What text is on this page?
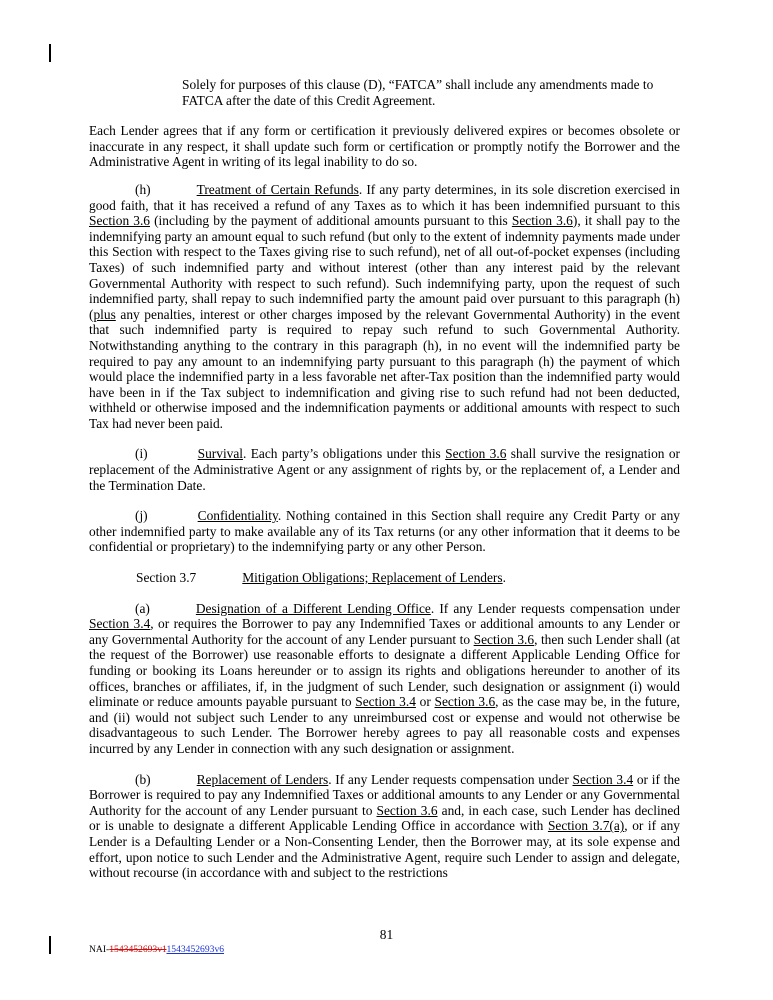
Solely for purposes of this clause (D), “FATCA” shall include any amendments made to FATCA after the date of this Credit Agreement.

Each Lender agrees that if any form or certification it previously delivered expires or becomes obsolete or inaccurate in any respect, it shall update such form or certification or promptly notify the Borrower and the Administrative Agent in writing of its legal inability to do so.

(h)	Treatment of Certain Refunds. If any party determines, in its sole discretion exercised in good faith, that it has received a refund of any Taxes as to which it has been indemnified pursuant to this Section 3.6 (including by the payment of additional amounts pursuant to this Section 3.6), it shall pay to the indemnifying party an amount equal to such refund (but only to the extent of indemnity payments made under this Section with respect to the Taxes giving rise to such refund), net of all out-of-pocket expenses (including Taxes) of such indemnified party and without interest (other than any interest paid by the relevant Governmental Authority with respect to such refund). Such indemnifying party, upon the request of such indemnified party, shall repay to such indemnified party the amount paid over pursuant to this paragraph (h) (plus any penalties, interest or other charges imposed by the relevant Governmental Authority) in the event that such indemnified party is required to repay such refund to such Governmental Authority. Notwithstanding anything to the contrary in this paragraph (h), in no event will the indemnified party be required to pay any amount to an indemnifying party pursuant to this paragraph (h) the payment of which would place the indemnified party in a less favorable net after-Tax position than the indemnified party would have been in if the Tax subject to indemnification and giving rise to such refund had not been deducted, withheld or otherwise imposed and the indemnification payments or additional amounts with respect to such Tax had never been paid.

(i)	Survival. Each party’s obligations under this Section 3.6 shall survive the resignation or replacement of the Administrative Agent or any assignment of rights by, or the replacement of, a Lender and the Termination Date.

(j)	Confidentiality. Nothing contained in this Section shall require any Credit Party or any other indemnified party to make available any of its Tax returns (or any other information that it deems to be confidential or proprietary) to the indemnifying party or any other Person.

Section 3.7	Mitigation Obligations; Replacement of Lenders.

(a)	Designation of a Different Lending Office. If any Lender requests compensation under Section 3.4, or requires the Borrower to pay any Indemnified Taxes or additional amounts to any Lender or any Governmental Authority for the account of any Lender pursuant to Section 3.6, then such Lender shall (at the request of the Borrower) use reasonable efforts to designate a different Applicable Lending Office for funding or booking its Loans hereunder or to assign its rights and obligations hereunder to another of its offices, branches or affiliates, if, in the judgment of such Lender, such designation or assignment (i) would eliminate or reduce amounts payable pursuant to Section 3.4 or Section 3.6, as the case may be, in the future, and (ii) would not subject such Lender to any unreimbursed cost or expense and would not otherwise be disadvantageous to such Lender. The Borrower hereby agrees to pay all reasonable costs and expenses incurred by any Lender in connection with any such designation or assignment.

(b)	Replacement of Lenders. If any Lender requests compensation under Section 3.4 or if the Borrower is required to pay any Indemnified Taxes or additional amounts to any Lender or any Governmental Authority for the account of any Lender pursuant to Section 3.6 and, in each case, such Lender has declined or is unable to designate a different Applicable Lending Office in accordance with Section 3.7(a), or if any Lender is a Defaulting Lender or a Non-Consenting Lender, then the Borrower may, at its sole expense and effort, upon notice to such Lender and the Administrative Agent, require such Lender to assign and delegate, without recourse (in accordance with and subject to the restrictions

81
NAI-1543452693v11543452693v6
